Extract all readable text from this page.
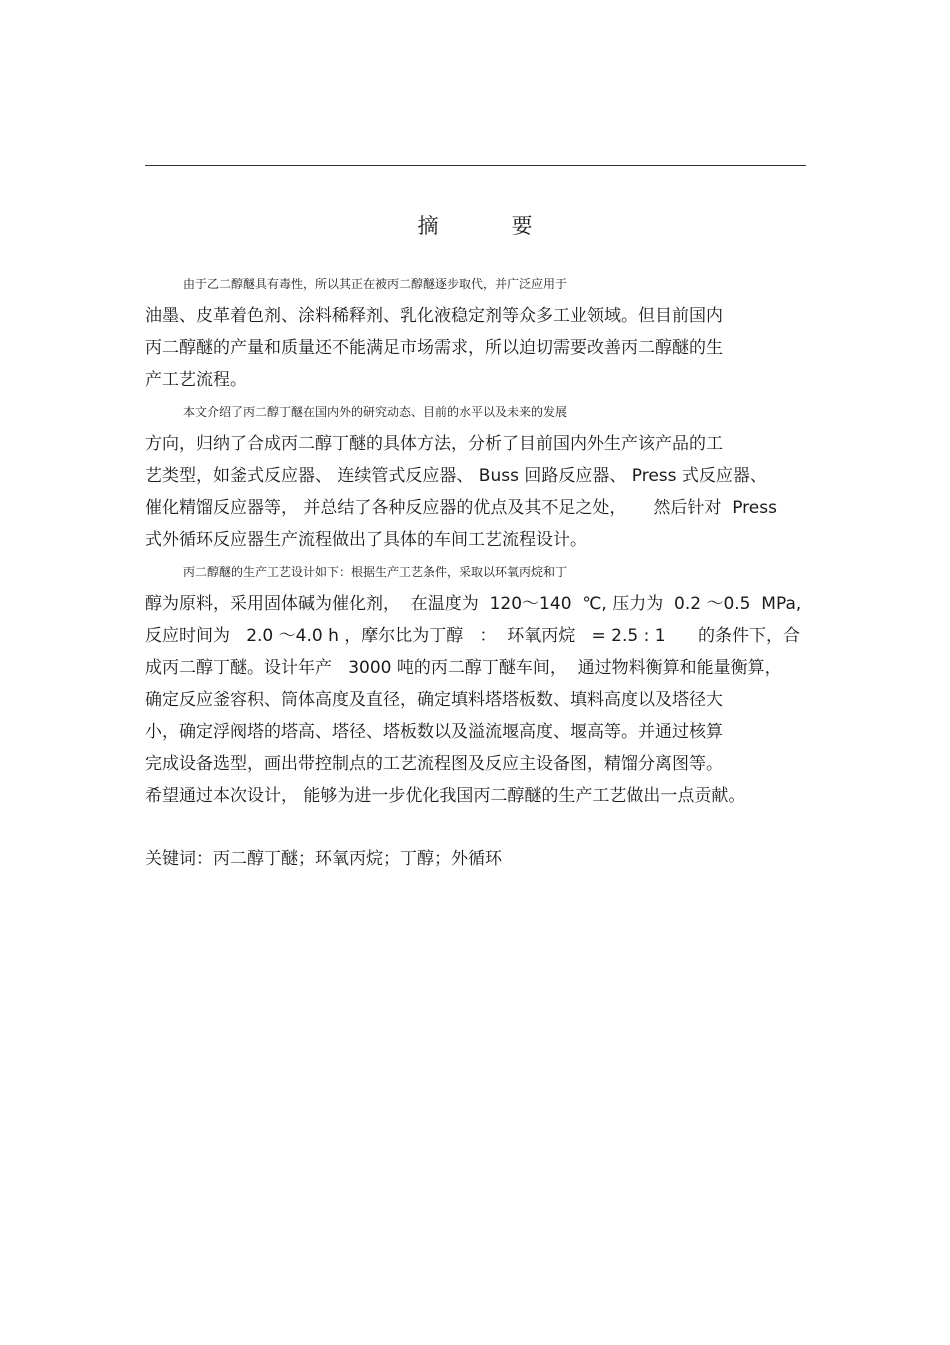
摘　要
由于乙二醇醚具有毒性，所以其正在被丙二醇醚逐步取代，并广泛应用于
油墨、皮革着色剂、涂料稀释剂、乳化液稳定剂等众多工业领域。但目前国内
丙二醇醚的产量和质量还不能满足市场需求，所以迫切需要改善丙二醇醚的生
产工艺流程。
本文介绍了丙二醇丁醚在国内外的研究动态、目前的水平以及未来的发展
方向，归纳了合成丙二醇丁醚的具体方法，分析了目前国内外生产该产品的工
艺类型，如釜式反应器、 连续管式反应器、 Buss 回路反应器、 Press 式反应器、
催化精馏反应器等， 并总结了各种反应器的优点及其不足之处，     然后针对  Press
式外循环反应器生产流程做出了具体的车间工艺流程设计。
丙二醇醚的生产工艺设计如下：根据生产工艺条件，采取以环氧丙烷和丁
醇为原料，采用固体碱为催化剂，  在温度为  120～140  ℃, 压力为  0.2 ～0.5  MPa,
反应时间为   2.0 ～4.0 h ，摩尔比为丁醇   ：  环氧丙烷   = 2.5 : 1      的条件下，合
成丙二醇丁醚。设计年产   3000 吨的丙二醇丁醚车间，  通过物料衡算和能量衡算，
确定反应釜容积、筒体高度及直径，确定填料塔塔板数、填料高度以及塔径大
小，确定浮阀塔的塔高、塔径、塔板数以及溢流堰高度、堰高等。并通过核算
完成设备选型，画出带控制点的工艺流程图及反应主设备图，精馏分离图等。
希望通过本次设计， 能够为进一步优化我国丙二醇醚的生产工艺做出一点贡献。
关键词：丙二醇丁醚；环氧丙烷；丁醇；外循环
